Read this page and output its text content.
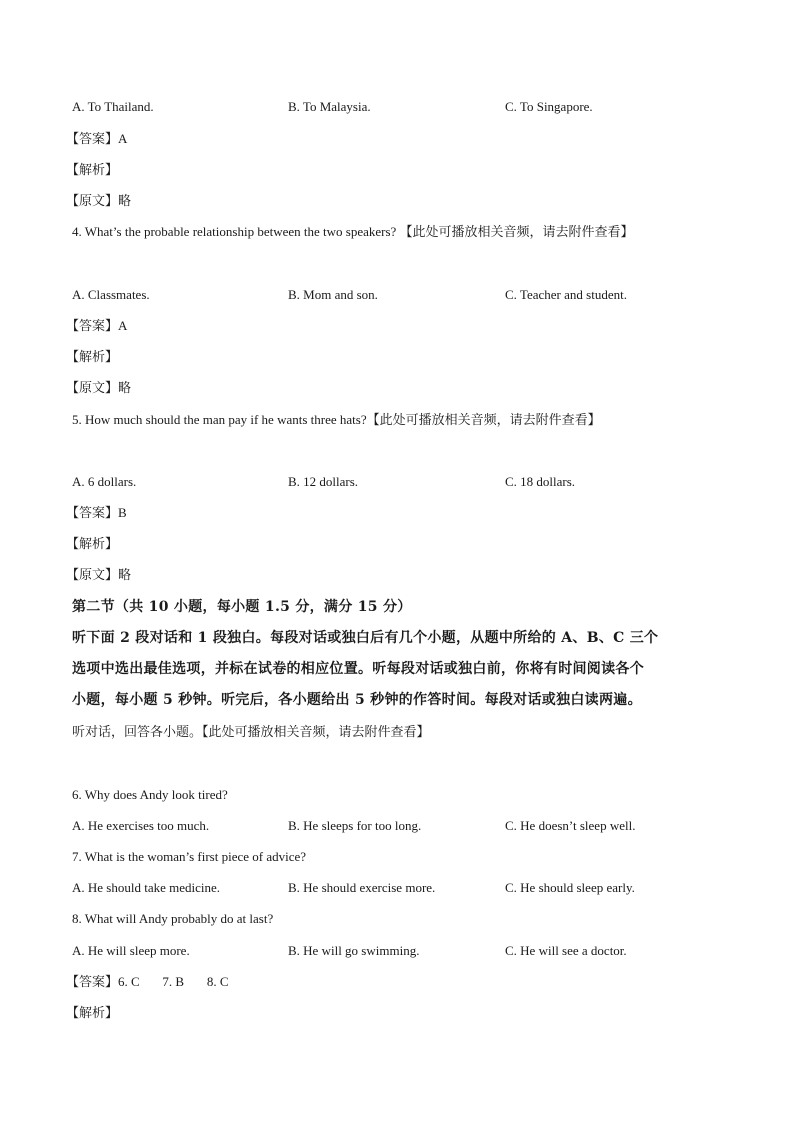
A. To Thailand.	B. To Malaysia.	C. To Singapore.
【答案】A
【解析】
【原文】略
4. What’s the probable relationship between the two speakers? 【此处可播放相关音频，请去附件查看】
A. Classmates.	B. Mom and son.	C. Teacher and student.
【答案】A
【解析】
【原文】略
5. How much should the man pay if he wants three hats?【此处可播放相关音频，请去附件查看】
A. 6 dollars.	B. 12 dollars.	C. 18 dollars.
【答案】B
【解析】
【原文】略
第二节（共 10 小题，每小题 1.5 分，满分 15 分）
听下面 2 段对话和 1 段独白。每段对话或独白后有几个小题，从题中所给的 A、B、C 三个
选项中选出最佳选项，并标在试卷的相应位置。听每段对话或独白前，你将有时间阅读各个
小题，每小题 5 秒钟。听完后，各小题给出 5 秒钟的作答时间。每段对话或独白读两遍。
听对话，回答各小题。【此处可播放相关音频，请去附件查看】
6. Why does Andy look tired?
A. He exercises too much.	B. He sleeps for too long.	C. He doesn’t sleep well.
7. What is the woman’s first piece of advice?
A. He should take medicine.	B. He should exercise more.	C. He should sleep early.
8. What will Andy probably do at last?
A. He will sleep more.	B. He will go swimming.	C. He will see a doctor.
【答案】6. C       7. B       8. C
【解析】
